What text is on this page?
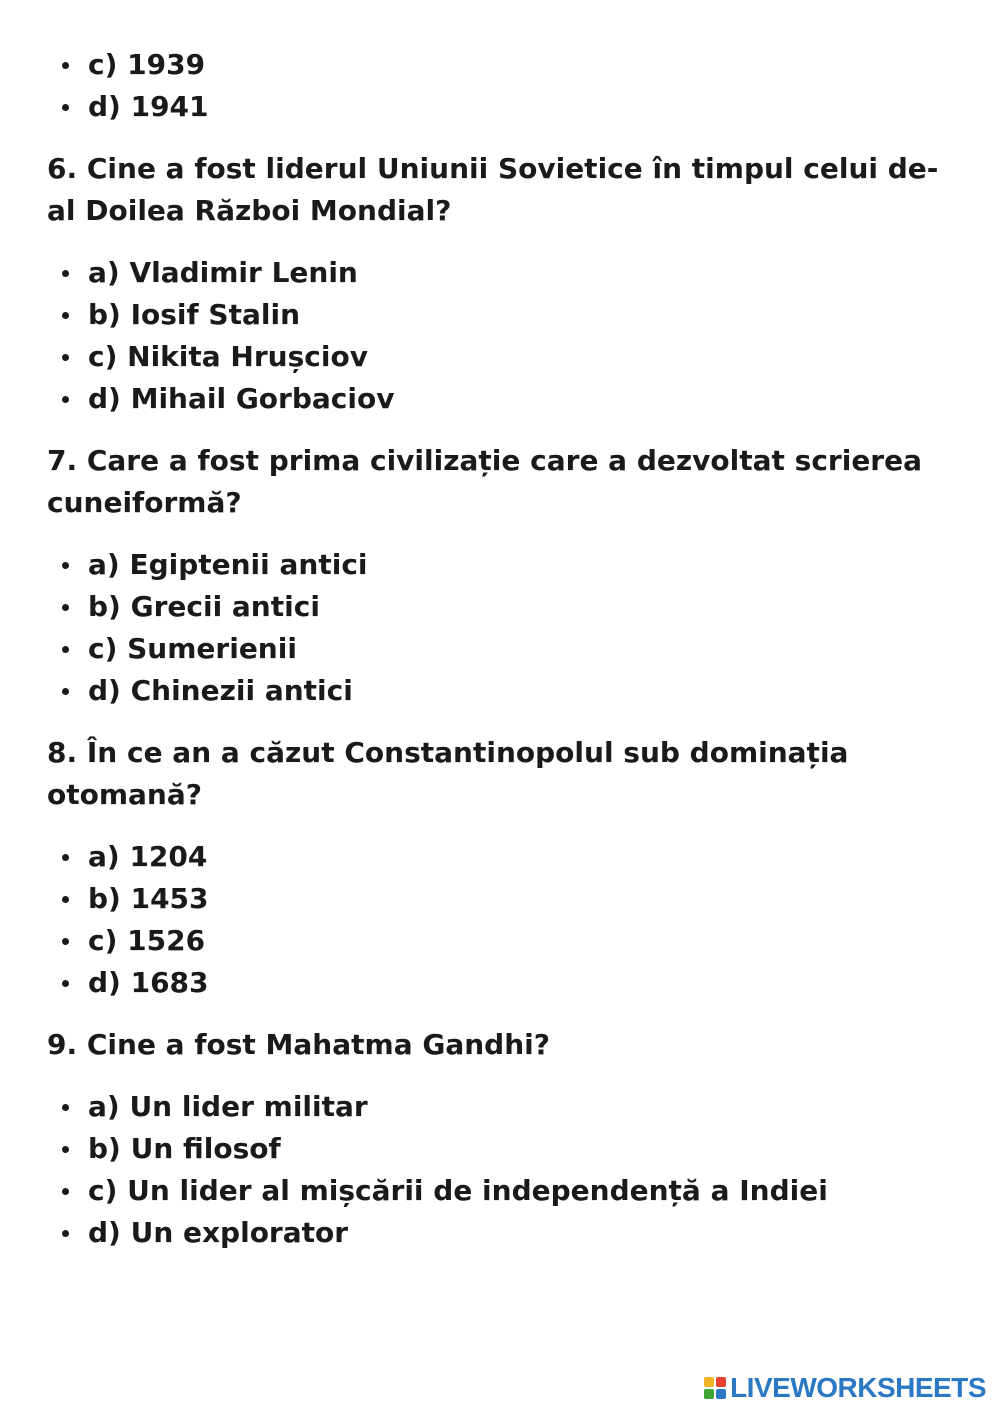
c) 1939
d) 1941

6. Cine a fost liderul Uniunii Sovietice în timpul celui de-al Doilea Război Mondial?

a) Vladimir Lenin
b) Iosif Stalin
c) Nikita Hrușciov
d) Mihail Gorbaciov

7. Care a fost prima civilizație care a dezvoltat scrierea cuneiformă?

a) Egiptenii antici
b) Grecii antici
c) Sumerienii
d) Chinezii antici

8. În ce an a căzut Constantinopolul sub dominația otomană?

a) 1204
b) 1453
c) 1526
d) 1683

9. Cine a fost Mahatma Gandhi?

a) Un lider militar
b) Un filosof
c) Un lider al mișcării de independență a Indiei
d) Un explorator
LIVEWORKSHEETS
